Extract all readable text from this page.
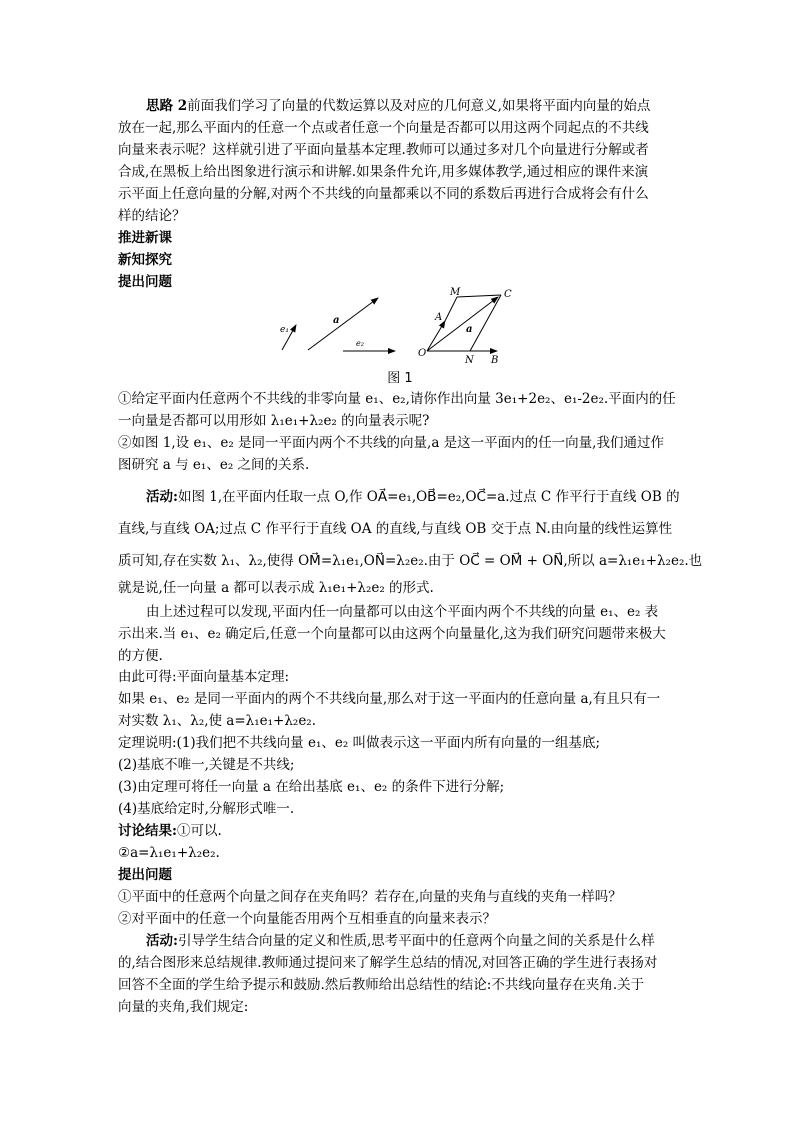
思路 2前面我们学习了向量的代数运算以及对应的几何意义,如果将平面内向量的始点
放在一起,那么平面内的任意一个点或者任意一个向量是否都可以用这两个同起点的不共线
向量来表示呢？这样就引进了平面向量基本定理.教师可以通过多对几个向量进行分解或者
合成,在黑板上给出图象进行演示和讲解.如果条件允许,用多媒体教学,通过相应的课件来演
示平面上任意向量的分解,对两个不共线的向量都乘以不同的系数后再进行合成将会有什么
样的结论？
推进新课
新知探究
提出问题
e₁
a
e₂
M	C
A
a
O
N B
图 1
①给定平面内任意两个不共线的非零向量 e₁、e₂,请你作出向量 3e₁+2e₂、e₁-2e₂.平面内的任
一向量是否都可以用形如 λ₁e₁+λ₂e₂ 的向量表示呢?
②如图 1,设 e₁、e₂ 是同一平面内两个不共线的向量,a 是这一平面内的任一向量,我们通过作
图研究 a 与 e₁、e₂ 之间的关系.
活动:如图 1,在平面内任取一点 O,作 OA⃗=e₁,OB⃗=e₂,OC⃗=a.过点 C 作平行于直线 OB 的
直线,与直线 OA;过点 C 作平行于直线 OA 的直线,与直线 OB 交于点 N.由向量的线性运算性
质可知,存在实数 λ₁、λ₂,使得 OM⃗=λ₁e₁,ON⃗=λ₂e₂.由于 OC⃗ = OM⃗ + ON⃗,所以 a=λ₁e₁+λ₂e₂.也
就是说,任一向量 a 都可以表示成 λ₁e₁+λ₂e₂ 的形式.
由上述过程可以发现,平面内任一向量都可以由这个平面内两个不共线的向量 e₁、e₂ 表
示出来.当 e₁、e₂ 确定后,任意一个向量都可以由这两个向量量化,这为我们研究问题带来极大
的方便.
由此可得:平面向量基本定理:
如果 e₁、e₂ 是同一平面内的两个不共线向量,那么对于这一平面内的任意向量 a,有且只有一
对实数 λ₁、λ₂,使 a=λ₁e₁+λ₂e₂.
定理说明:(1)我们把不共线向量 e₁、e₂ 叫做表示这一平面内所有向量的一组基底;
(2)基底不唯一,关键是不共线;
(3)由定理可将任一向量 a 在给出基底 e₁、e₂ 的条件下进行分解;
(4)基底给定时,分解形式唯一.
讨论结果:①可以.
②a=λ₁e₁+λ₂e₂.
提出问题
①平面中的任意两个向量之间存在夹角吗？若存在,向量的夹角与直线的夹角一样吗？
②对平面中的任意一个向量能否用两个互相垂直的向量来表示？
活动:引导学生结合向量的定义和性质,思考平面中的任意两个向量之间的关系是什么样
的,结合图形来总结规律.教师通过提问来了解学生总结的情况,对回答正确的学生进行表扬对
回答不全面的学生给予提示和鼓励.然后教师给出总结性的结论:不共线向量存在夹角.关于
向量的夹角,我们规定:
